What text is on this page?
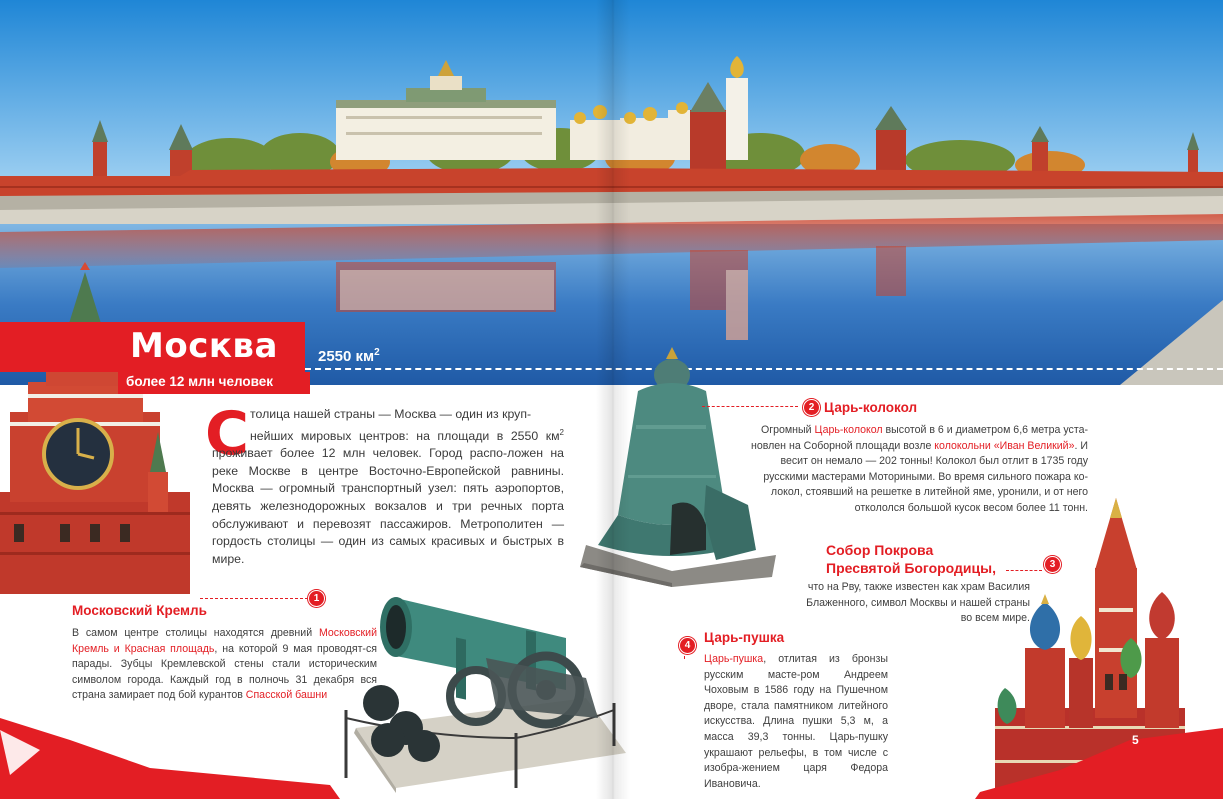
Москва	2550 $км^2$
более 12 млн человек
С толица нашей страны — Москва — один из круп-
нейших мировых центров: на площади в 2550 $км^2$ проживает более 12 млн человек. Город распо-ложен на реке Москве в центре Восточно-Европейской равнины. Москва — огромный транспортный узел: пять аэропортов, девять железнодорожных вокзалов и три речных порта обслуживают и перевозят пассажиров. Метрополитен — гордость столицы — один из самых красивых и быстрых в мире.
1
Московский Кремль
В самом центре столицы находятся древний Московский Кремль и Красная площадь, на которой 9 мая проводят-ся парады. Зубцы Кремлевской стены стали историческим символом города. Каждый год в полночь 31 декабря вся страна замирает под бой курантов Спасской башни
2 Царь-колокол
Огромный Царь-колокол высотой в 6 и диаметром 6,6 метра уста-новлен на Соборной площади возле колокольни «Иван Великий». И весит он немало — 202 тонны! Колокол был отлит в 1735 году русскими мастерами Моториными. Во время сильного пожара ко-локол, стоявший на решетке в литейной яме, уронили, и от него откололся большой кусок весом более 11 тонн.
Собор Покрова
Пресвятой Богородицы,	3
что на Рву, также известен как храм Василия Блаженного, символ Москвы и нашей страны во всем мире.
4
Царь-пушка
Царь-пушка, отлитая из бронзы русским масте-ром Андреем Чоховым в 1586 году на Пушечном дворе, стала памятником литейного искусства. Длина пушки 5,3 м, а масса 39,3 тонны. Царь-пушку украшают рельефы, в том числе с изобра-жением царя Федора Ивановича.
4	5
